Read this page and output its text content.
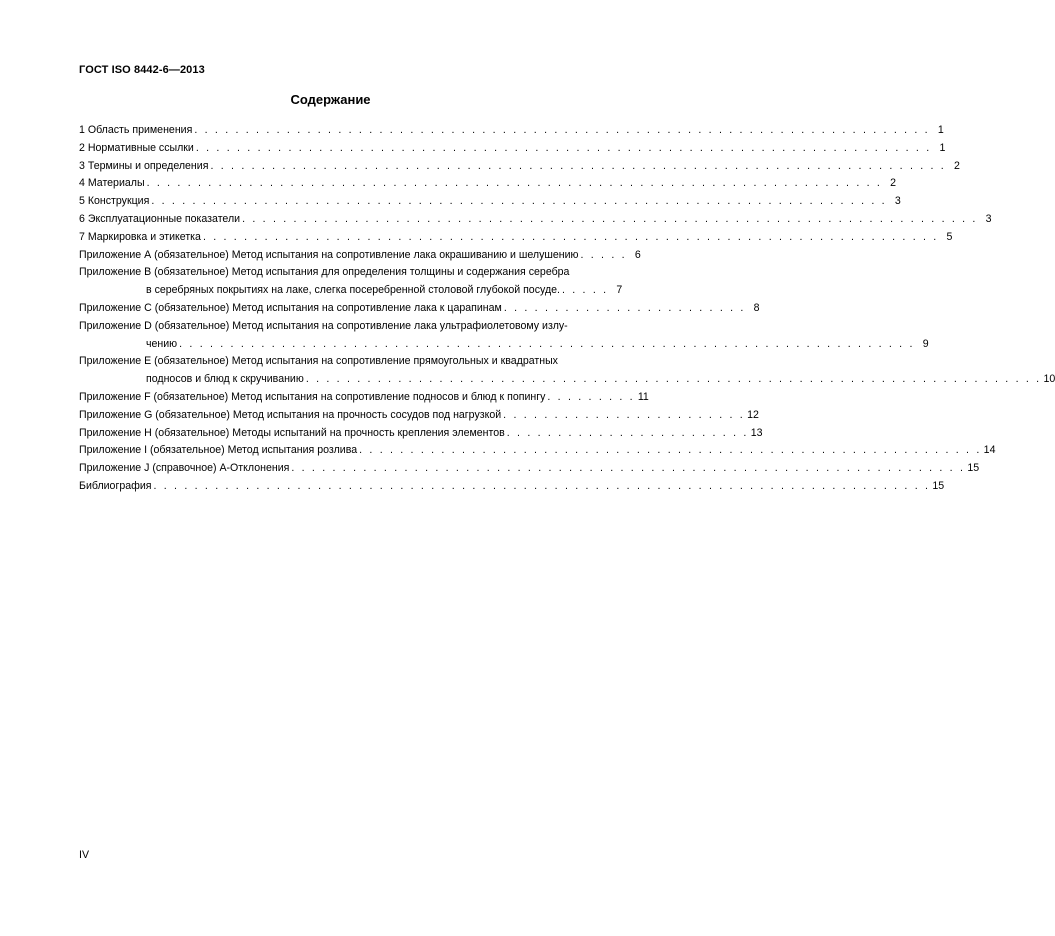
ГОСТ ISO 8442-6—2013
Содержание
1 Область применения . . . . . . . . . . . . . . . . . . . . . . . . . . . . . . . . . . . . . . . . . . . . . . . . . . . . . . . . . . . . . . . . . . . . . . . . 1
2 Нормативные ссылки . . . . . . . . . . . . . . . . . . . . . . . . . . . . . . . . . . . . . . . . . . . . . . . . . . . . . . . . . . . . . . . . . . . . . . . . 1
3 Термины и определения . . . . . . . . . . . . . . . . . . . . . . . . . . . . . . . . . . . . . . . . . . . . . . . . . . . . . . . . . . . . . . . . . . . . . . . . 2
4 Материалы . . . . . . . . . . . . . . . . . . . . . . . . . . . . . . . . . . . . . . . . . . . . . . . . . . . . . . . . . . . . . . . . . . . . . . . . 2
5 Конструкция . . . . . . . . . . . . . . . . . . . . . . . . . . . . . . . . . . . . . . . . . . . . . . . . . . . . . . . . . . . . . . . . . . . . . . . . 3
6 Эксплуатационные показатели . . . . . . . . . . . . . . . . . . . . . . . . . . . . . . . . . . . . . . . . . . . . . . . . . . . . . . . . . . . . . . . . . . . . . . . . 3
7 Маркировка и этикетка . . . . . . . . . . . . . . . . . . . . . . . . . . . . . . . . . . . . . . . . . . . . . . . . . . . . . . . . . . . . . . . . . . . . . . . . 5
Приложение A (обязательное) Метод испытания на сопротивление лака окрашиванию и шелушению . . . . . 6
Приложение B (обязательное) Метод испытания для определения толщины и содержания серебра
в серебряных покрытиях на лаке, слегка посеребренной столовой глубокой посуде. . . . . . 7
Приложение C (обязательное) Метод испытания на сопротивление лака к царапинам . . . . . . . . . . . . . . . . . . . . . . . . 8
Приложение D (обязательное) Метод испытания на сопротивление лака ультрафиолетовому излу-
чению . . . . . . . . . . . . . . . . . . . . . . . . . . . . . . . . . . . . . . . . . . . . . . . . . . . . . . . . . . . . . . . . . . . . . . . . 9
Приложение E (обязательное) Метод испытания на сопротивление прямоугольных и квадратных
подносов и блюд к скручиванию . . . . . . . . . . . . . . . . . . . . . . . . . . . . . . . . . . . . . . . . . . . . . . . . . . . . . . . . . . . . . . . . . . . . . . . . 10
Приложение F (обязательное) Метод испытания на сопротивление подносов и блюд к попингу . . . . . . . . . 11
Приложение G (обязательное) Метод испытания на прочность сосудов под нагрузкой . . . . . . . . . . . . . . . . . . . . . . . . 12
Приложение H (обязательное) Методы испытаний на прочность крепления элементов . . . . . . . . . . . . . . . . . . . . . . . . 13
Приложение I (обязательное) Метод испытания розлива . . . . . . . . . . . . . . . . . . . . . . . . . . . . . . . . . . . . . . . . . . . . . . . . . . . . . . . . . . . . . 14
Приложение J (справочное) А-Отклонения . . . . . . . . . . . . . . . . . . . . . . . . . . . . . . . . . . . . . . . . . . . . . . . . . . . . . . . . . . . . . . . . . . 15
Библиография . . . . . . . . . . . . . . . . . . . . . . . . . . . . . . . . . . . . . . . . . . . . . . . . . . . . . . . . . . . . . . . . . . . . . . . . . . . . 15
IV
